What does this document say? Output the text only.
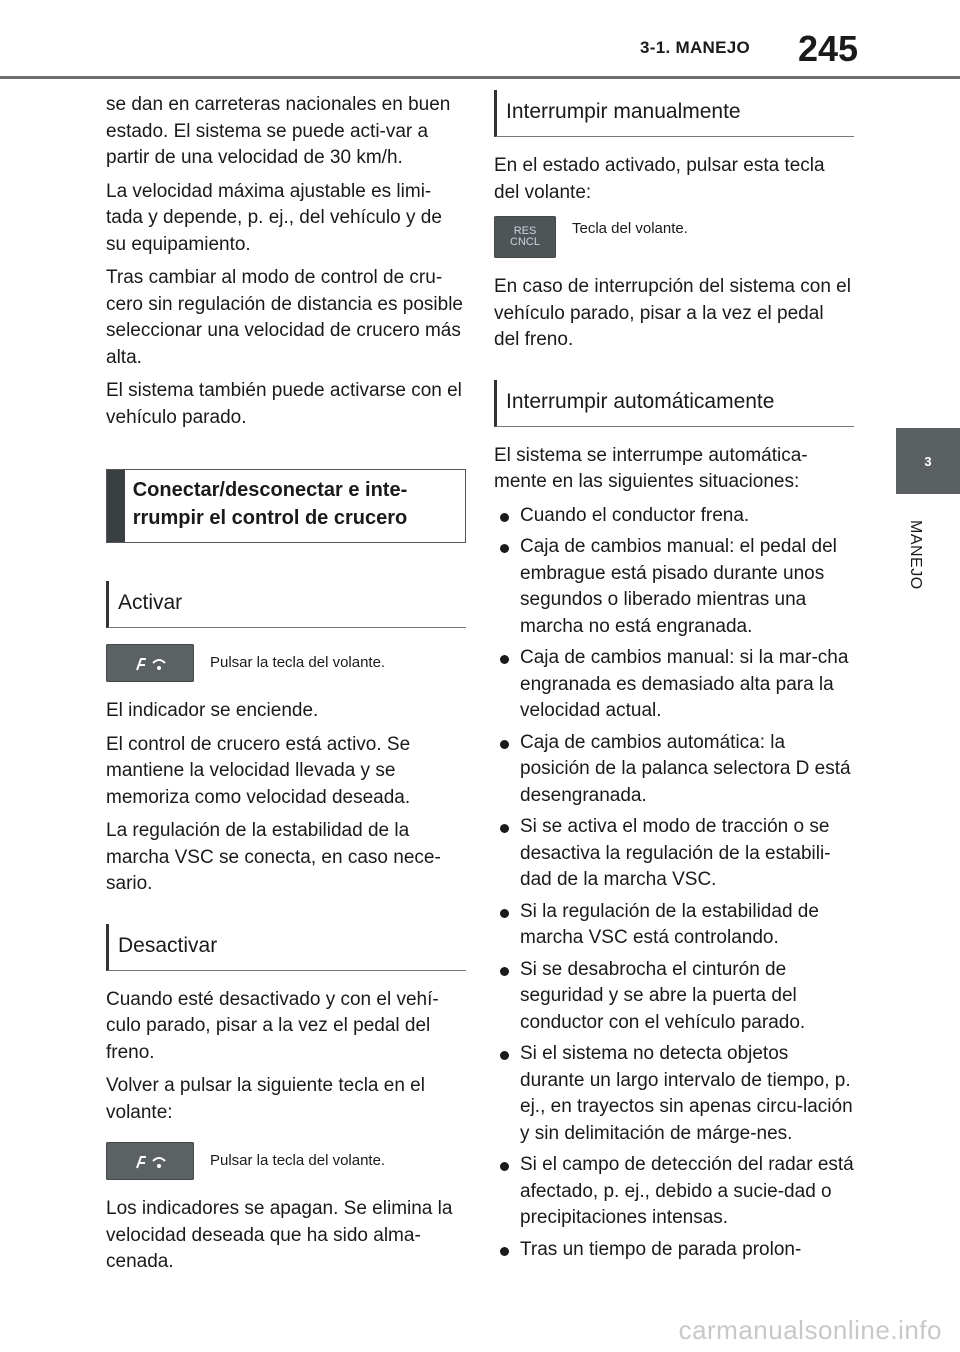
3-1. MANEJO 245
3
MANEJO

se dan en carreteras nacionales en buen estado. El sistema se puede acti-var a partir de una velocidad de 30 km/h.

La velocidad máxima ajustable es limi-tada y depende, p. ej., del vehículo y de su equipamiento.

Tras cambiar al modo de control de cru-cero sin regulación de distancia es posible seleccionar una velocidad de crucero más alta.

El sistema también puede activarse con el vehículo parado.

Conectar/desconectar e inte-rrumpir el control de crucero
Activar
Pulsar la tecla del volante.

El indicador se enciende.

El control de crucero está activo. Se mantiene la velocidad llevada y se memoriza como velocidad deseada.

La regulación de la estabilidad de la marcha VSC se conecta, en caso nece-sario.

Desactivar

Cuando esté desactivado y con el vehí-culo parado, pisar a la vez el pedal del freno.

Volver a pulsar la siguiente tecla en el volante:

Pulsar la tecla del volante.

Los indicadores se apagan. Se elimina la velocidad deseada que ha sido alma-cenada.

Interrumpir manualmente

En el estado activado, pulsar esta tecla del volante:

RES
CNCL
Tecla del volante.

En caso de interrupción del sistema con el vehículo parado, pisar a la vez el pedal del freno.

Interrumpir automáticamente

El sistema se interrumpe automática-mente en las siguientes situaciones:

Cuando el conductor frena.
Caja de cambios manual: el pedal del embrague está pisado durante unos segundos o liberado mientras una marcha no está engranada.
Caja de cambios manual: si la mar-cha engranada es demasiado alta para la velocidad actual.
Caja de cambios automática: la posición de la palanca selectora D está desengranada.
Si se activa el modo de tracción o se desactiva la regulación de la estabili-dad de la marcha VSC.
Si la regulación de la estabilidad de marcha VSC está controlando.
Si se desabrocha el cinturón de seguridad y se abre la puerta del conductor con el vehículo parado.
Si el sistema no detecta objetos durante un largo intervalo de tiempo, p. ej., en trayectos sin apenas circu-lación y sin delimitación de márge-nes.
Si el campo de detección del radar está afectado, p. ej., debido a sucie-dad o precipitaciones intensas.
Tras un tiempo de parada prolon-
carmanualsonline.info
